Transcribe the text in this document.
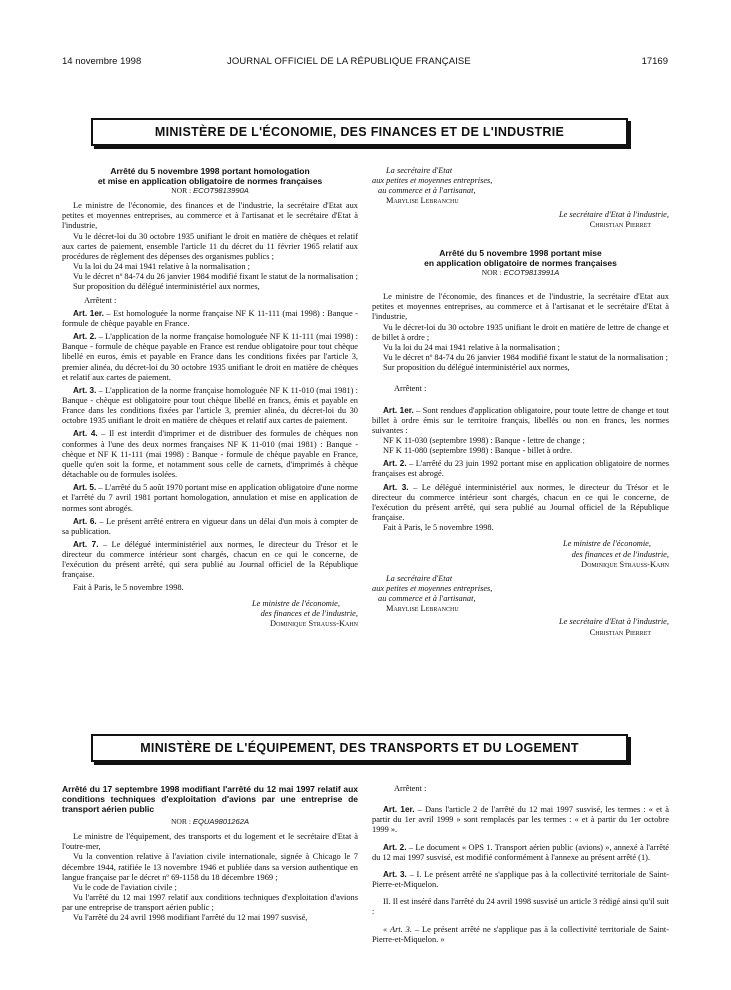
14 novembre 1998	JOURNAL OFFICIEL DE LA RÉPUBLIQUE FRANÇAISE	17169
MINISTÈRE DE L'ÉCONOMIE, DES FINANCES ET DE L'INDUSTRIE

Arrêté du 5 novembre 1998 portant homologation

et mise en application obligatoire de normes françaises

NOR : ECOT9813990A

Le ministre de l'économie, des finances et de l'industrie, la secrétaire d'Etat aux petites et moyennes entreprises, au commerce et à l'artisanat et le secrétaire d'Etat à l'industrie,

Vu le décret-loi du 30 octobre 1935 unifiant le droit en matière de chèques et relatif aux cartes de paiement, ensemble l'article 11 du décret du 11 février 1965 relatif aux procédures de règlement des dépenses des organismes publics ;

Vu la loi du 24 mai 1941 relative à la normalisation ;

Vu le décret nº 84-74 du 26 janvier 1984 modifié fixant le statut de la normalisation ;

Sur proposition du délégué interministériel aux normes,

Arrêtent :

Art. 1er. – Est homologuée la norme française NF K 11-111 (mai 1998) : Banque - formule de chèque payable en France.

Art. 2. – L'application de la norme française homologuée NF K 11-111 (mai 1998) : Banque - formule de chèque payable en France est rendue obligatoire pour tout chèque libellé en euros, émis et payable en France dans les conditions fixées par l'article 3, premier alinéa, du décret-loi du 30 octobre 1935 unifiant le droit en matière de chèques et relatif aux cartes de paiement.

Art. 3. – L'application de la norme française homologuée NF K 11-010 (mai 1981) : Banque - chèque est obligatoire pour tout chèque libellé en francs, émis et payable en France dans les conditions fixées par l'article 3, premier alinéa, du décret-loi du 30 octobre 1935 unifiant le droit en matière de chèques et relatif aux cartes de paiement.

Art. 4. – Il est interdit d'imprimer et de distribuer des formules de chèques non conformes à l'une des deux normes françaises NF K 11-010 (mai 1981) : Banque - chèque et NF K 11-111 (mai 1998) : Banque - formule de chèque payable en France, quelle qu'en soit la forme, et notamment sous celle de carnets, d'imprimés à chèque détachable ou de formules isolées.

Art. 5. – L'arrêté du 5 août 1970 portant mise en application obligatoire d'une norme et l'arrêté du 7 avril 1981 portant homologation, annulation et mise en application de normes sont abrogés.

Art. 6. – Le présent arrêté entrera en vigueur dans un délai d'un mois à compter de sa publication.

Art. 7. – Le délégué interministériel aux normes, le directeur du Trésor et le directeur du commerce intérieur sont chargés, chacun en ce qui le concerne, de l'exécution du présent arrêté, qui sera publié au Journal officiel de la République française.

Fait à Paris, le 5 novembre 1998.

Le ministre de l'économie,

des finances et de l'industrie,

Dominique Strauss-Kahn

La secrétaire d'Etat

aux petites et moyennes entreprises,

au commerce et à l'artisanat,

Marylise Lebranchu

Le secrétaire d'Etat à l'industrie,

Christian Pierret

Arrêté du 5 novembre 1998 portant mise

en application obligatoire de normes françaises

NOR : ECOT9813991A

Le ministre de l'économie, des finances et de l'industrie, la secrétaire d'Etat aux petites et moyennes entreprises, au commerce et à l'artisanat et le secrétaire d'Etat à l'industrie,

Vu le décret-loi du 30 octobre 1935 unifiant le droit en matière de lettre de change et de billet à ordre ;

Vu la loi du 24 mai 1941 relative à la normalisation ;

Vu le décret nº 84-74 du 26 janvier 1984 modifié fixant le statut de la normalisation ;

Sur proposition du délégué interministériel aux normes,

Arrêtent :

Art. 1er. – Sont rendues d'application obligatoire, pour toute lettre de change et tout billet à ordre émis sur le territoire français, libellés ou non en francs, les normes suivantes :

NF K 11-030 (septembre 1998) : Banque - lettre de change ;

NF K 11-080 (septembre 1998) : Banque - billet à ordre.

Art. 2. – L'arrêté du 23 juin 1992 portant mise en application obligatoire de normes françaises est abrogé.

Art. 3. – Le délégué interministériel aux normes, le directeur du Trésor et le directeur du commerce intérieur sont chargés, chacun en ce qui le concerne, de l'exécution du présent arrêté, qui sera publié au Journal officiel de la République française.

Fait à Paris, le 5 novembre 1998.

Le ministre de l'économie,

des finances et de l'industrie,

Dominique Strauss-Kahn

La secrétaire d'Etat

aux petites et moyennes entreprises,

au commerce et à l'artisanat,

Marylise Lebranchu

Le secrétaire d'Etat à l'industrie,

Christian Pierret

MINISTÈRE DE L'ÉQUIPEMENT, DES TRANSPORTS ET DU LOGEMENT

Arrêté du 17 septembre 1998 modifiant l'arrêté du 12 mai 1997 relatif aux conditions techniques d'exploitation d'avions par une entreprise de transport aérien public

NOR : EQUA9801262A

Le ministre de l'équipement, des transports et du logement et le secrétaire d'Etat à l'outre-mer,

Vu la convention relative à l'aviation civile internationale, signée à Chicago le 7 décembre 1944, ratifiée le 13 novembre 1946 et publiée dans sa version authentique en langue française par le décret nº 69-1158 du 18 décembre 1969 ;

Vu le code de l'aviation civile ;

Vu l'arrêté du 12 mai 1997 relatif aux conditions techniques d'exploitation d'avions par une entreprise de transport aérien public ;

Vu l'arrêté du 24 avril 1998 modifiant l'arrêté du 12 mai 1997 susvisé,

Arrêtent :

Art. 1er. – Dans l'article 2 de l'arrêté du 12 mai 1997 susvisé, les termes : « et à partir du 1er avril 1999 » sont remplacés par les termes : « et à partir du 1er octobre 1999 ».

Art. 2. – Le document « OPS 1. Transport aérien public (avions) », annexé à l'arrêté du 12 mai 1997 susvisé, est modifié conformément à l'annexe au présent arrêté (1).

Art. 3. – I. Le présent arrêté ne s'applique pas à la collectivité territoriale de Saint-Pierre-et-Miquelon.

II. Il est inséré dans l'arrêté du 24 avril 1998 susvisé un article 3 rédigé ainsi qu'il suit :

« Art. 3. – Le présent arrêté ne s'applique pas à la collectivité territoriale de Saint-Pierre-et-Miquelon. »
